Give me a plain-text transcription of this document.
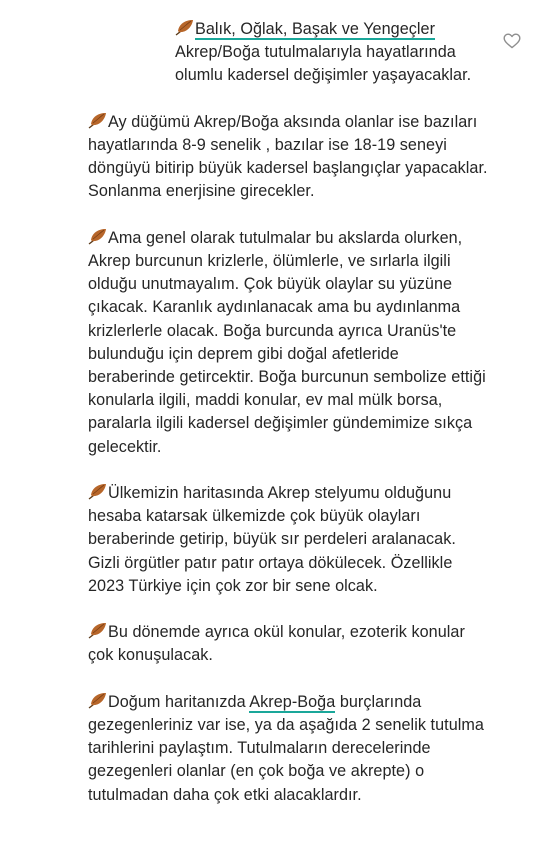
Balık, Oğlak, Başak ve Yengeçler Akrep/Boğa tutulmalarıyla hayatlarında olumlu kadersel değişimler yaşayacaklar.

Ay düğümü Akrep/Boğa aksında olanlar ise bazıları hayatlarında 8-9 senelik , bazılar ise 18-19 seneyi döngüyü bitirip büyük kadersel başlangıçlar yapacaklar. Sonlanma enerjisine girecekler.

Ama genel olarak tutulmalar bu akslarda olurken, Akrep burcunun krizlerle, ölümlerle, ve sırlarla ilgili olduğu unutmayalım. Çok büyük olaylar su yüzüne çıkacak. Karanlık aydınlanacak ama bu aydınlanma krizlerlerle olacak. Boğa burcunda ayrıca Uranüs'te bulunduğu için deprem gibi doğal afetleride beraberinde getircektir. Boğa burcunun sembolize ettiği konularla ilgili, maddi konular, ev mal mülk borsa, paralarla ilgili kadersel değişimler gündemimize sıkça gelecektir.

Ülkemizin haritasında Akrep stelyumu olduğunu hesaba katarsak ülkemizde çok büyük olayları beraberinde getirip, büyük sır perdeleri aralanacak. Gizli örgütler patır patır ortaya dökülecek. Özellikle 2023 Türkiye için çok zor bir sene olcak.

Bu dönemde ayrıca okül konular, ezoterik konular çok konuşulacak.

Doğum haritanızda Akrep-Boğa burçlarında gezegenleriniz var ise, ya da aşağıda 2 senelik tutulma tarihlerini paylaştım. Tutulmaların derecelerinde gezegenleri olanlar (en çok boğa ve akrepte) o tutulmadan daha çok etki alacaklardır.
